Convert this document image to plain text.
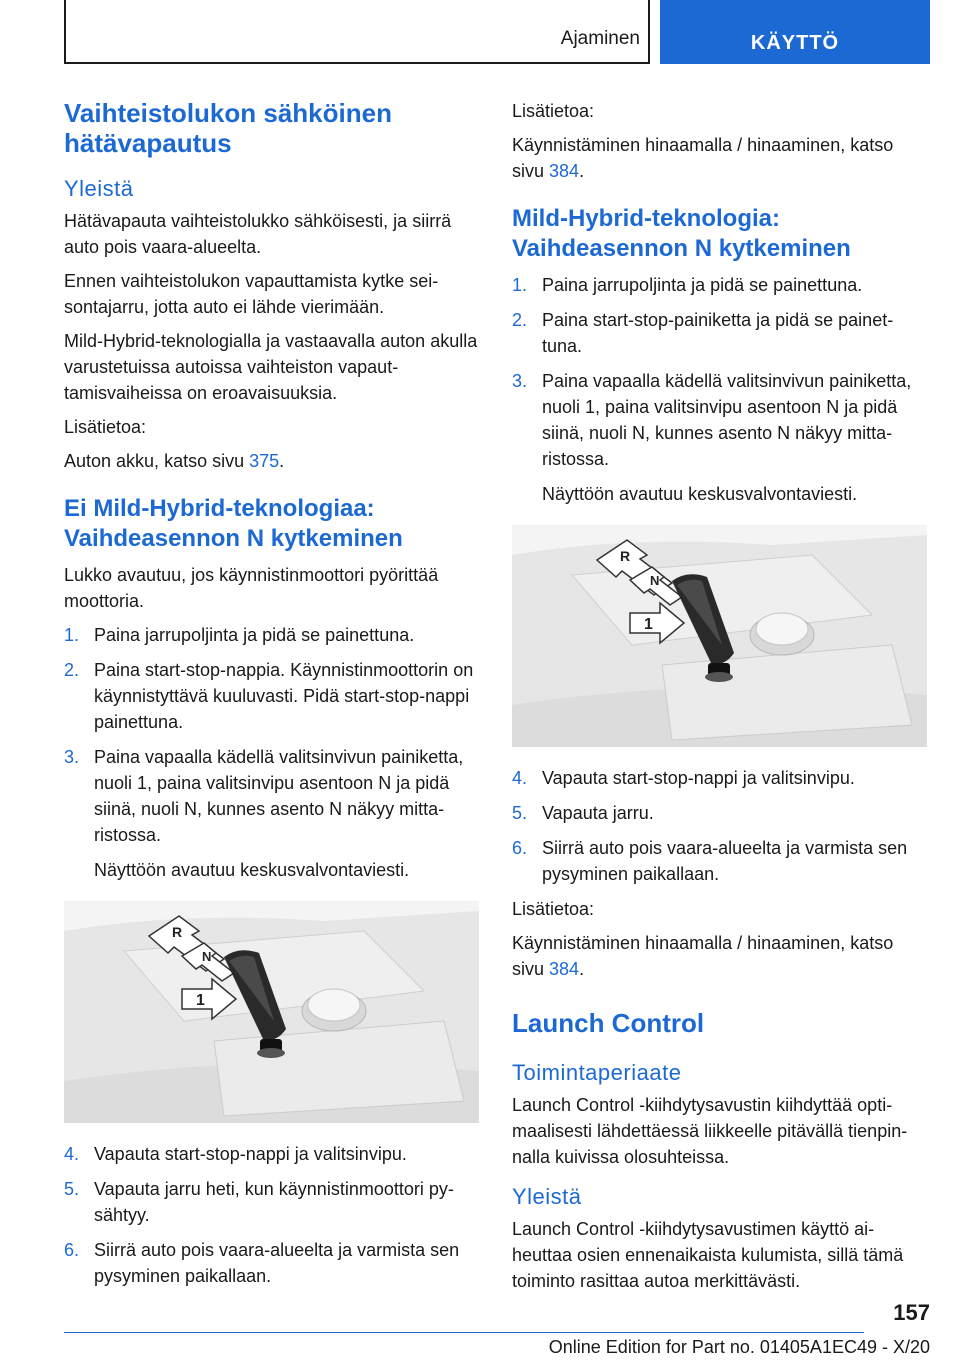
Ajaminen	KÄYTTÖ
Vaihteistolukon sähköinen hätävapautus
Yleistä

Hätävapauta vaihteistolukko sähköisesti, ja siirrä auto pois vaara-alueelta.

Ennen vaihteistolukon vapauttamista kytke sei-sontajarru, jotta auto ei lähde vierimään.

Mild-Hybrid-teknologialla ja vastaavalla auton akulla varustetuissa autoissa vaihteiston vapaut-tamisvaiheissa on eroavaisuuksia.

Lisätietoa:

Auton akku, katso sivu 375.

Ei Mild-Hybrid-teknologiaa: Vaihdeasennon N kytkeminen

Lukko avautuu, jos käynnistinmoottori pyörittää moottoria.

1. Paina jarrupoljinta ja pidä se painettuna.
2. Paina start-stop-nappia. Käynnistinmoottorin on käynnistyttävä kuuluvasti. Pidä start-stop-nappi painettuna.
3. Paina vapaalla kädellä valitsinvivun painiketta, nuoli 1, paina valitsinvipu asentoon N ja pidä siinä, nuoli N, kunnes asento N näkyy mitta-ristossa.
Näyttöön avautuu keskusvalvontaviesti.
R
N
1
4. Vapauta start-stop-nappi ja valitsinvipu.
5. Vapauta jarru heti, kun käynnistinmoottori py-sähtyy.
6. Siirrä auto pois vaara-alueelta ja varmista sen pysyminen paikallaan.

Lisätietoa:

Käynnistäminen hinaamalla / hinaaminen, katso sivu 384.

Mild-Hybrid-teknologia: Vaihdeasennon N kytkeminen
1. Paina jarrupoljinta ja pidä se painettuna.
2. Paina start-stop-painiketta ja pidä se painet-tuna.
3. Paina vapaalla kädellä valitsinvivun painiketta, nuoli 1, paina valitsinvipu asentoon N ja pidä siinä, nuoli N, kunnes asento N näkyy mitta-ristossa.
Näyttöön avautuu keskusvalvontaviesti.
R
N
1
4. Vapauta start-stop-nappi ja valitsinvipu.
5. Vapauta jarru.
6. Siirrä auto pois vaara-alueelta ja varmista sen pysyminen paikallaan.

Lisätietoa:

Käynnistäminen hinaamalla / hinaaminen, katso sivu 384.

Launch Control
Toimintaperiaate

Launch Control -kiihdytysavustin kiihdyttää opti-maalisesti lähdettäessä liikkeelle pitävällä tienpin-nalla kuivissa olosuhteissa.

Yleistä

Launch Control -kiihdytysavustimen käyttö ai-heuttaa osien ennenaikaista kulumista, sillä tämä toiminto rasittaa autoa merkittävästi.

157
Online Edition for Part no. 01405A1EC49 - X/20
